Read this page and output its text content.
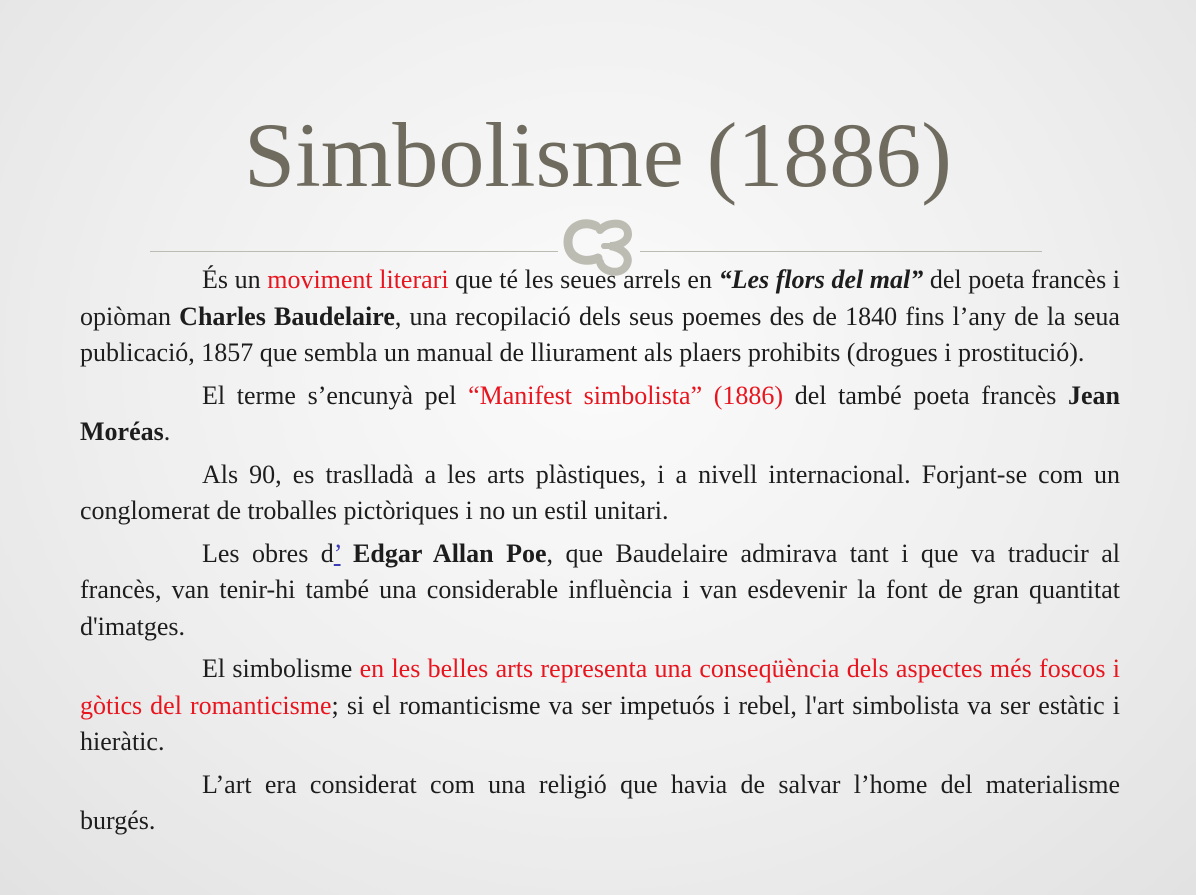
Simbolisme (1886)

És un moviment literari que té les seues arrels en “Les flors del mal” del poeta francès i opiòman Charles Baudelaire, una recopilació dels seus poemes des de 1840 fins l’any de la seua publicació, 1857 que sembla un manual de lliurament als plaers prohibits (drogues i prostitució).

El terme s’encunyà pel “Manifest simbolista” (1886) del també poeta francès Jean Moréas.

Als 90, es traslladà a les arts plàstiques, i a nivell internacional. Forjant-se com un conglomerat de troballes pictòriques i no un estil unitari.

Les obres d’ Edgar Allan Poe, que Baudelaire admirava tant i que va traducir al francès, van tenir-hi també una considerable influència i van esdevenir la font de gran quantitat d'imatges.

El simbolisme en les belles arts representa una conseqüència dels aspectes més foscos i gòtics del romanticisme; si el romanticisme va ser impetuós i rebel, l'art simbolista va ser estàtic i hieràtic.

L’art era considerat com una religió que havia de salvar l’home del materialisme burgés.
